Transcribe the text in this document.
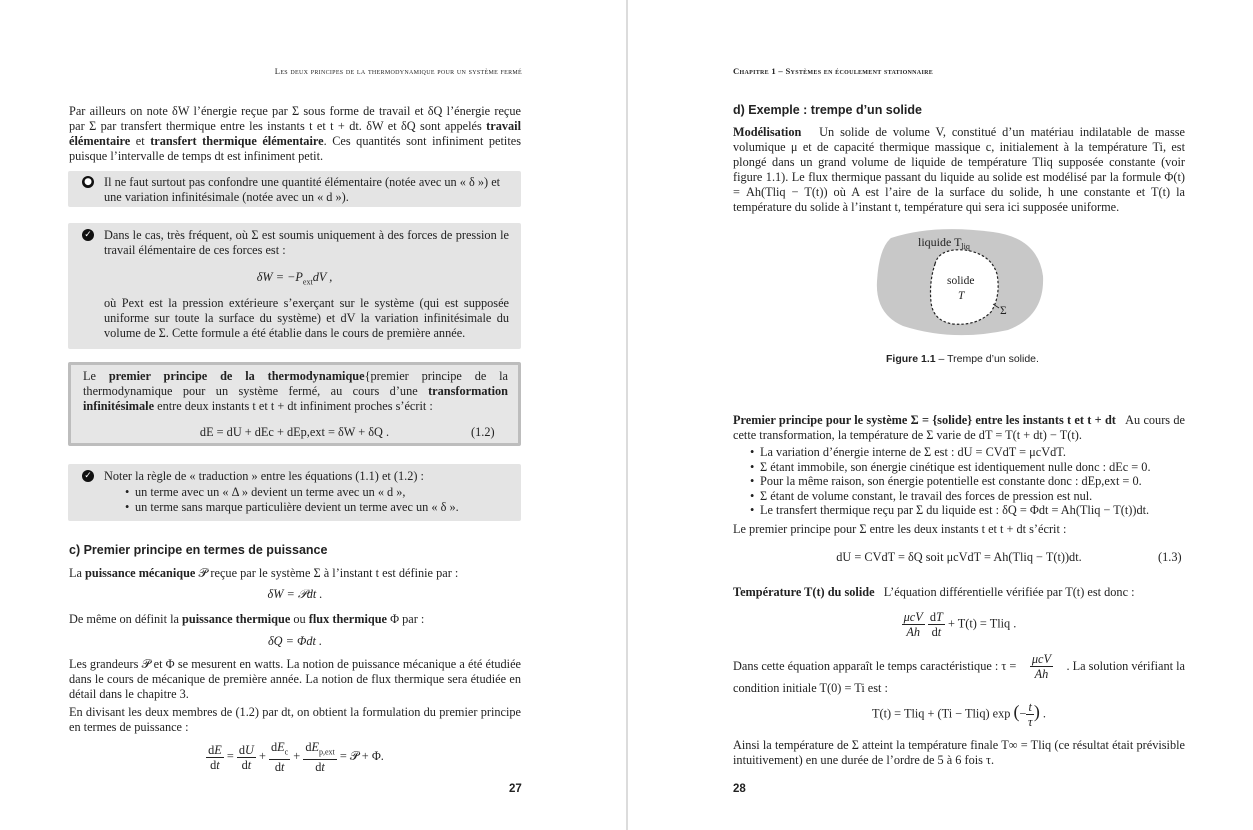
Les deux principes de la thermodynamique pour un système fermé

Par ailleurs on note δW l’énergie reçue par Σ sous forme de travail et δQ l’énergie reçue par Σ par transfert thermique entre les instants t et t + dt. δW et δQ sont appelés travail élémentaire et transfert thermique élémentaire. Ces quantités sont infiniment petites puisque l’intervalle de temps dt est infiniment petit.

● Il ne faut surtout pas confondre une quantité élémentaire (notée avec un « δ ») et une variation infinitésimale (notée avec un « d »).

✓ Dans le cas, très fréquent, où Σ est soumis uniquement à des forces de pression le travail élémentaire de ces forces est :

$\delta W = -P_{ext}dV$ ,

où Pext est la pression extérieure s’exerçant sur le système (qui est supposée uniforme sur toute la surface du système) et dV la variation infinitésimale du volume de Σ. Cette formule a été établie dans le cours de première année.

Le premier principe de la thermodynamique{premier principe de la thermodynamique pour un système fermé, au cours d’une transformation infinitésimale entre deux instants t et t + dt infiniment proches s’écrit :

dE = dU + dEc + dEp,ext = δW + δQ .	(1.2)
✓ Noter la règle de « traduction » entre les équations (1.1) et (1.2) :

• un terme avec un « Δ » devient un terme avec un « d »,
• un terme sans marque particulière devient un terme avec un « δ ».
c) Premier principe en termes de puissance

La puissance mécanique 𝒫 reçue par le système Σ à l’instant t est définie par :

δW = 𝒫dt .

De même on définit la puissance thermique ou flux thermique Φ par :

δQ = Φdt .

Les grandeurs 𝒫 et Φ se mesurent en watts. La notion de puissance mécanique a été étudiée dans le cours de mécanique de première année. La notion de flux thermique sera étudiée en détail dans le chapitre 3.

En divisant les deux membres de (1.2) par dt, on obtient la formulation du premier principe en termes de puissance :

$\frac{dE}{dt} = \frac{dU}{dt} + \frac{dE_c}{dt} + \frac{dE_{p,ext}}{dt}$ = 𝒫 + Φ.
27
Chapitre 1 – Systèmes en écoulement stationnaire
d) Exemple : trempe d’un solide

Modélisation Un solide de volume V, constitué d’un matériau indilatable de masse volumique μ et de capacité thermique massique c, initialement à la température Ti, est plongé dans un grand volume de liquide de température Tliq supposée constante (voir figure 1.1). Le flux thermique passant du liquide au solide est modélisé par la formule Φ(t) = Ah(Tliq − T(t)) où A est l’aire de la surface du solide, h une constante et T(t) la température du solide à l’instant t, température qui sera ici supposée uniforme.

liquide $T_{liq}$
solide
T
Σ
Figure 1.1 – Trempe d’un solide.

Premier principe pour le système Σ = {solide} entre les instants t et t + dt Au cours de cette transformation, la température de Σ varie de dT = T(t + dt) − T(t).

• La variation d’énergie interne de Σ est : dU = CVdT = μcVdT.
• Σ étant immobile, son énergie cinétique est identiquement nulle donc : dEc = 0.
• Pour la même raison, son énergie potentielle est constante donc : dEp,ext = 0.
• Σ étant de volume constant, le travail des forces de pression est nul.
• Le transfert thermique reçu par Σ du liquide est : δQ = Φdt = Ah(Tliq − T(t))dt.

Le premier principe pour Σ entre les deux instants t et t + dt s’écrit :

dU = CVdT = δQ soit μcVdT = Ah(Tliq − T(t))dt.	(1.3)

Température T(t) du solide L’équation différentielle vérifiée par T(t) est donc :

$\frac{\text{μcV}}{Ah}$
$\frac{dT}{dt} + T(t)$ = Tliq .
Dans cette équation apparaît le temps caractéristique : $\tau = \frac{\text{μcV}}{Ah}$ . La solution vérifiant la
condition initiale T(0) = Ti est :
T(t) = Tliq + (Ti − Tliq) exp (− $\frac{t}{\tau}$ ) .

Ainsi la température de Σ atteint la température finale T∞ = Tliq (ce résultat était prévisible intuitivement) en une durée de l’ordre de 5 à 6 fois τ.

28
